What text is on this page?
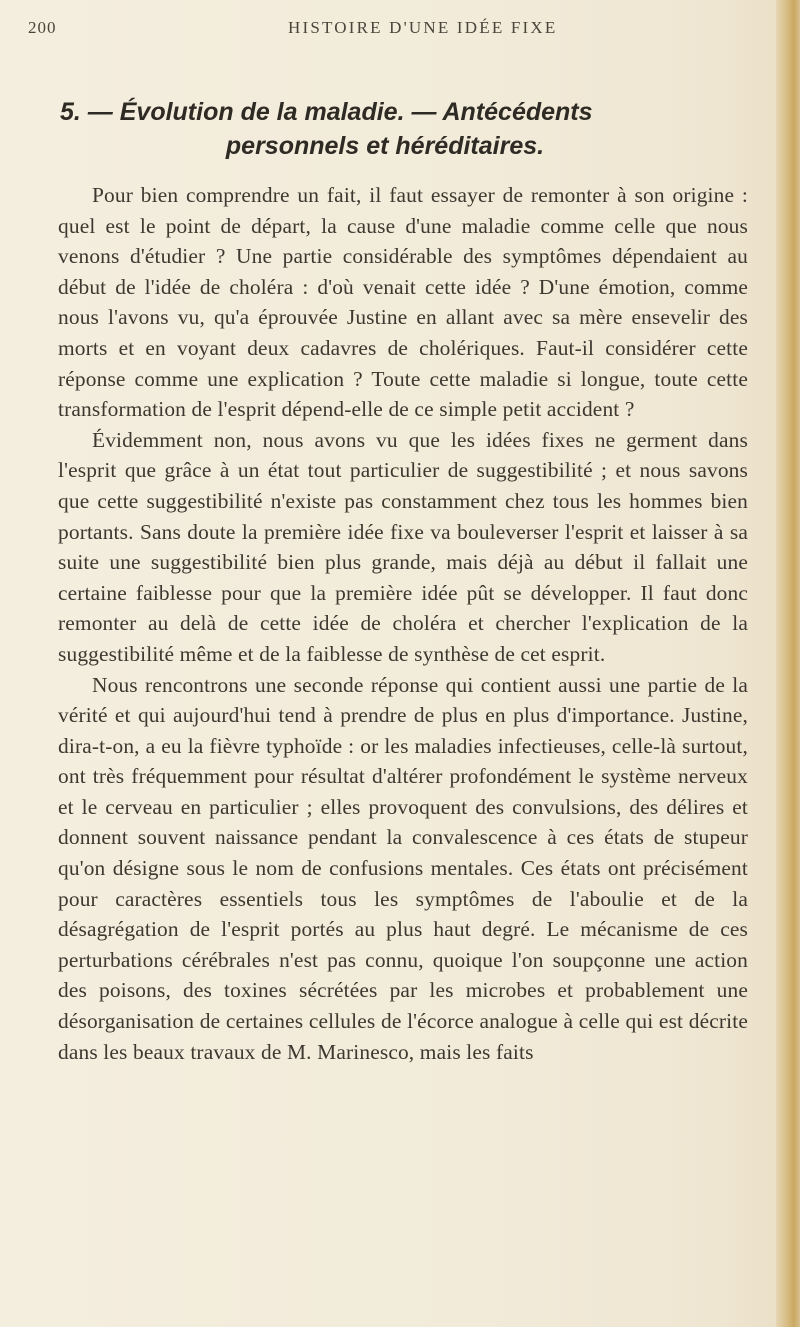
200	HISTOIRE D'UNE IDÉE FIXE
5. — Évolution de la maladie. — Antécédents
personnels et héréditaires.

Pour bien comprendre un fait, il faut essayer de remonter à son origine : quel est le point de départ, la cause d'une maladie comme celle que nous venons d'étudier ? Une partie considérable des symptômes dépendaient au début de l'idée de choléra : d'où venait cette idée ? D'une émotion, comme nous l'avons vu, qu'a éprouvée Justine en allant avec sa mère ensevelir des morts et en voyant deux cadavres de cholériques. Faut-il considérer cette réponse comme une explication ? Toute cette maladie si longue, toute cette transformation de l'esprit dépend-elle de ce simple petit accident ?

Évidemment non, nous avons vu que les idées fixes ne germent dans l'esprit que grâce à un état tout particulier de suggestibilité ; et nous savons que cette suggestibilité n'existe pas constamment chez tous les hommes bien portants. Sans doute la première idée fixe va bouleverser l'esprit et laisser à sa suite une suggestibilité bien plus grande, mais déjà au début il fallait une certaine faiblesse pour que la première idée pût se développer. Il faut donc remonter au delà de cette idée de choléra et chercher l'explication de la suggestibilité même et de la faiblesse de synthèse de cet esprit.

Nous rencontrons une seconde réponse qui contient aussi une partie de la vérité et qui aujourd'hui tend à prendre de plus en plus d'importance. Justine, dira-t-on, a eu la fièvre typhoïde : or les maladies infectieuses, celle-là surtout, ont très fréquemment pour résultat d'altérer profondément le système nerveux et le cerveau en particulier ; elles provoquent des convulsions, des délires et donnent souvent naissance pendant la convalescence à ces états de stupeur qu'on désigne sous le nom de confusions mentales. Ces états ont précisément pour caractères essentiels tous les symptômes de l'aboulie et de la désagrégation de l'esprit portés au plus haut degré. Le mécanisme de ces perturbations cérébrales n'est pas connu, quoique l'on soupçonne une action des poisons, des toxines sécrétées par les microbes et probablement une désorganisation de certaines cellules de l'écorce analogue à celle qui est décrite dans les beaux travaux de M. Marinesco, mais les faits
